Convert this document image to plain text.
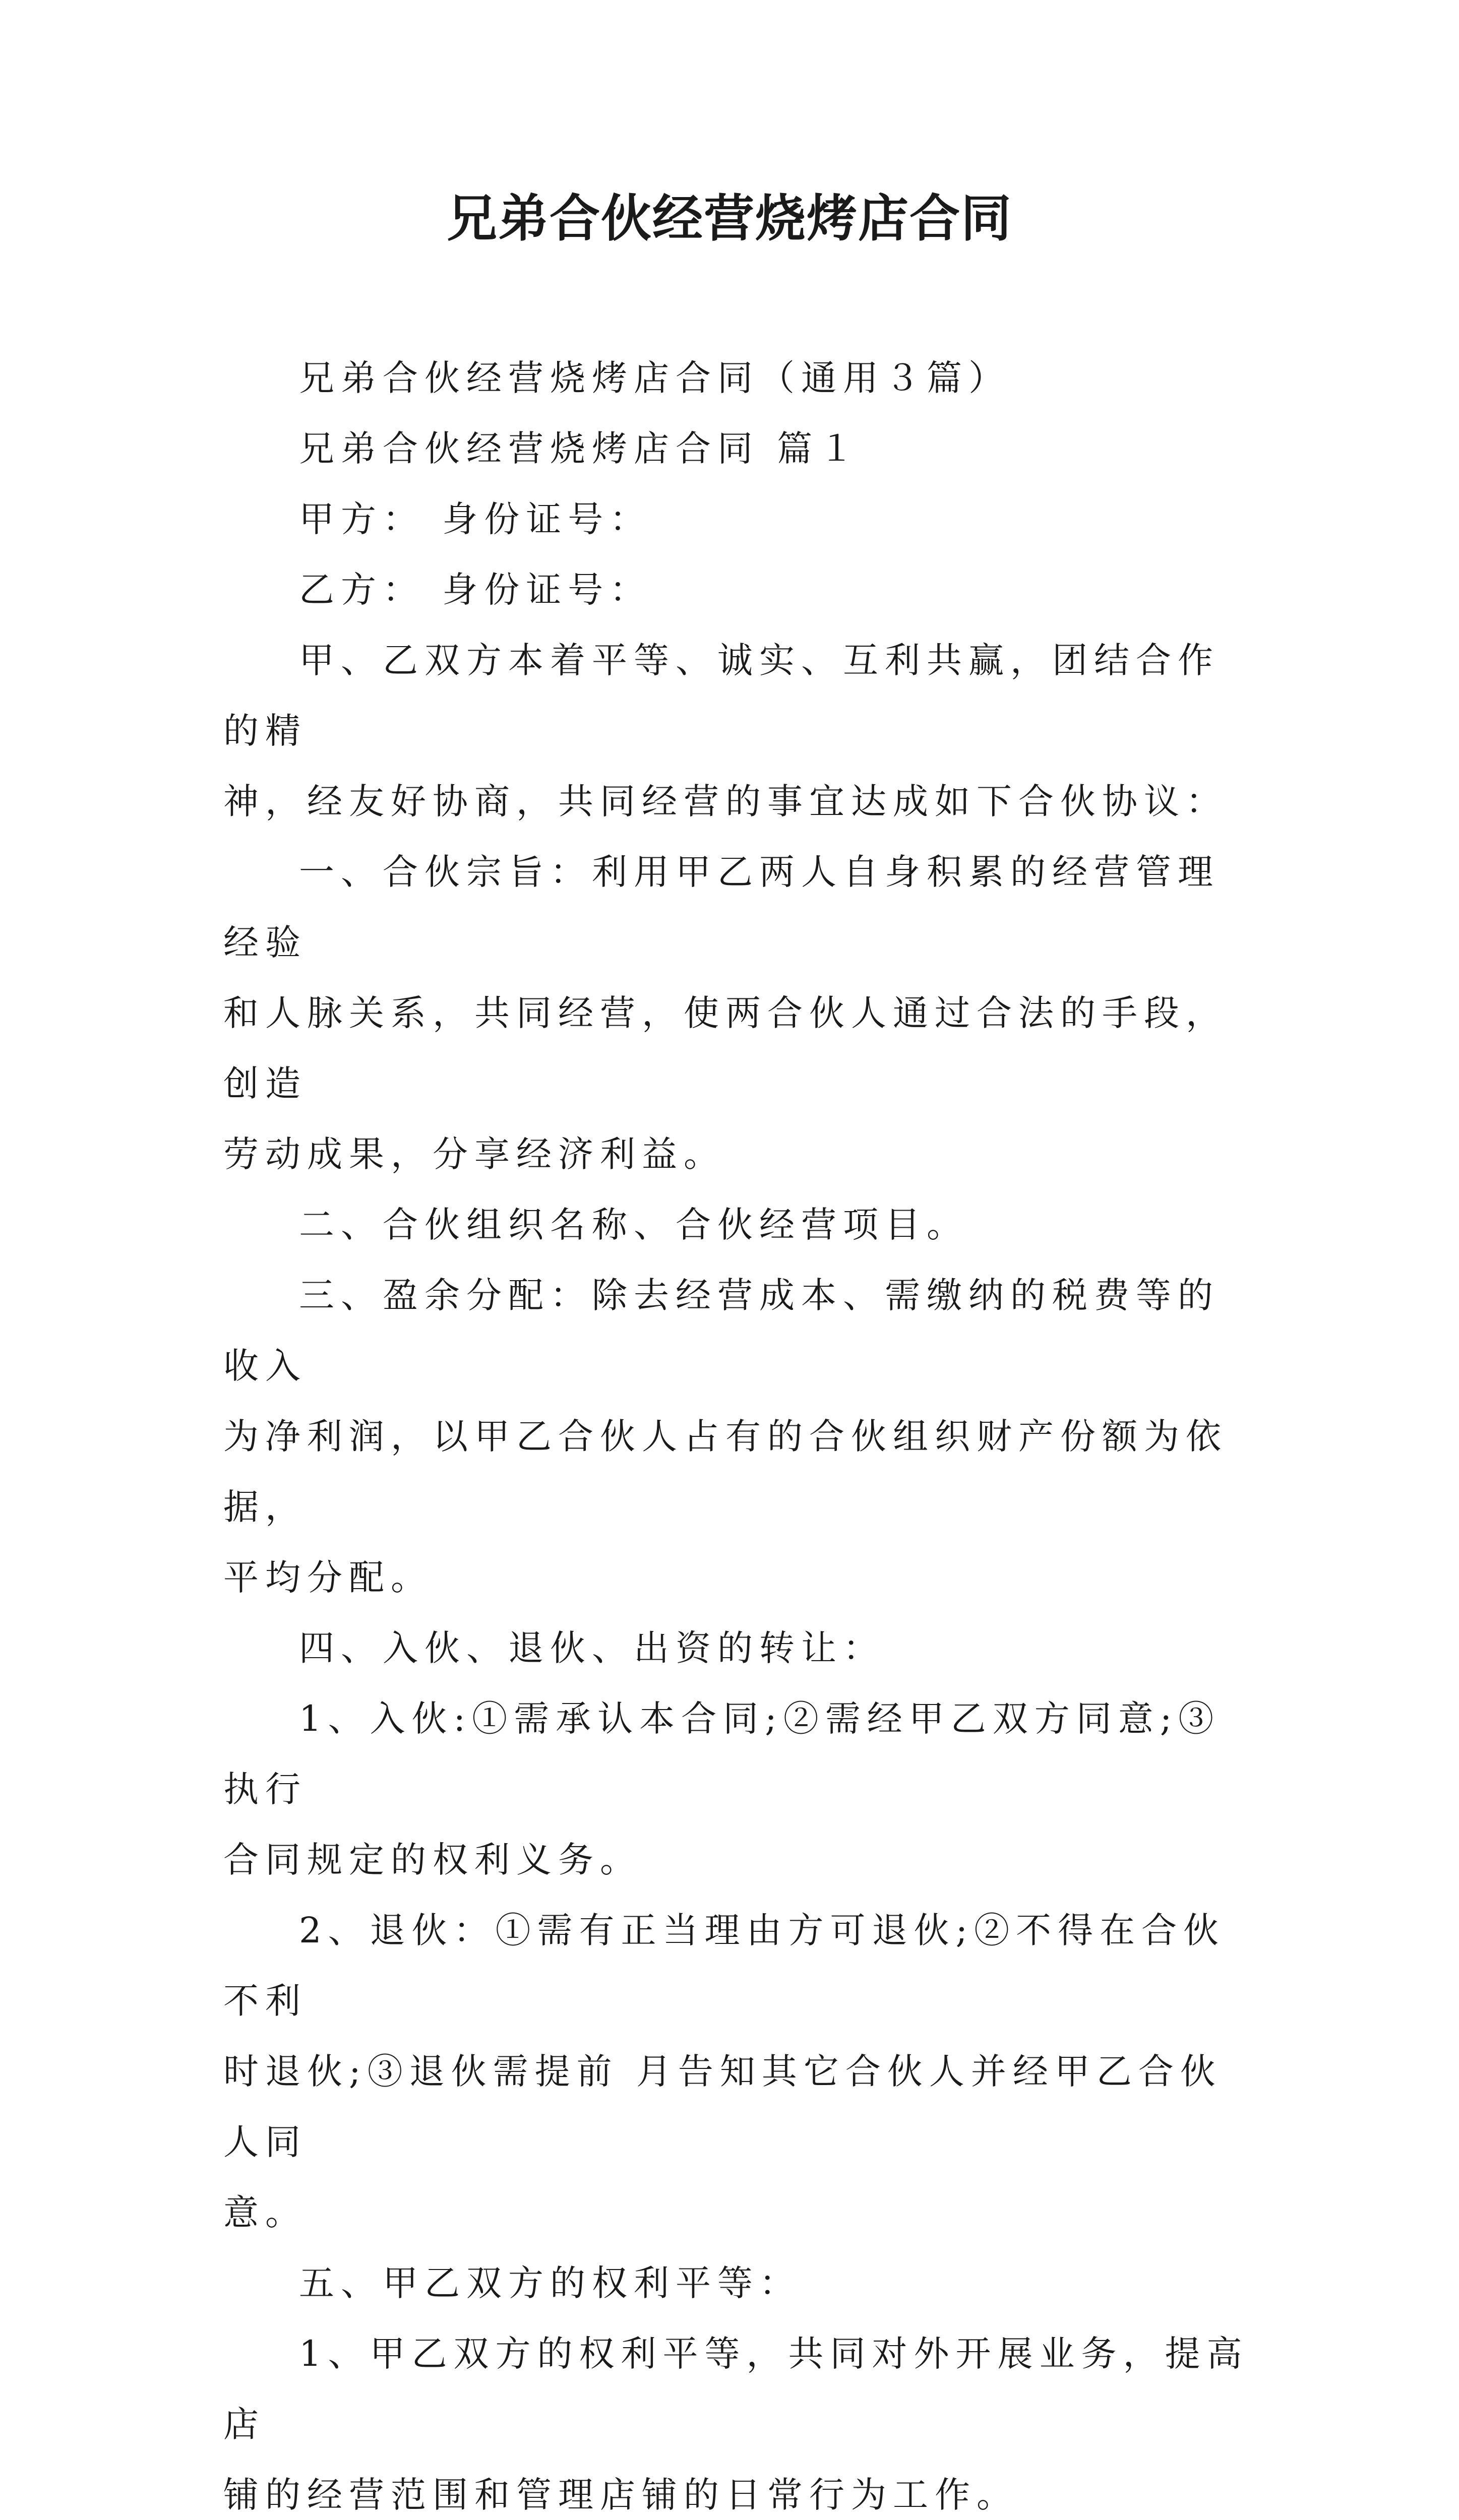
兄弟合伙经营烧烤店合同

兄弟合伙经营烧烤店合同（通用３篇）

兄弟合伙经营烧烤店合同 篇１

甲方： 身份证号：

乙方： 身份证号：

甲、乙双方本着平等、诚实、互利共赢，团结合作的精
神，经友好协商，共同经营的事宜达成如下合伙协议：

一、合伙宗旨：利用甲乙两人自身积累的经营管理经验
和人脉关系，共同经营，使两合伙人通过合法的手段，创造
劳动成果，分享经济利益。

二、合伙组织名称、合伙经营项目。

三、盈余分配：除去经营成本、需缴纳的税费等的收入
为净利润，以甲乙合伙人占有的合伙组织财产份额为依据，
平均分配。

四、入伙、退伙、出资的转让：

1、入伙:①需承认本合同;②需经甲乙双方同意;③执行
合同规定的权利义务。

2、退伙：①需有正当理由方可退伙;②不得在合伙不利
时退伙;③退伙需提前 月告知其它合伙人并经甲乙合伙人同
意。

五、甲乙双方的权利平等：

1、甲乙双方的权利平等，共同对外开展业务，提高店
铺的经营范围和管理店铺的日常行为工作。
